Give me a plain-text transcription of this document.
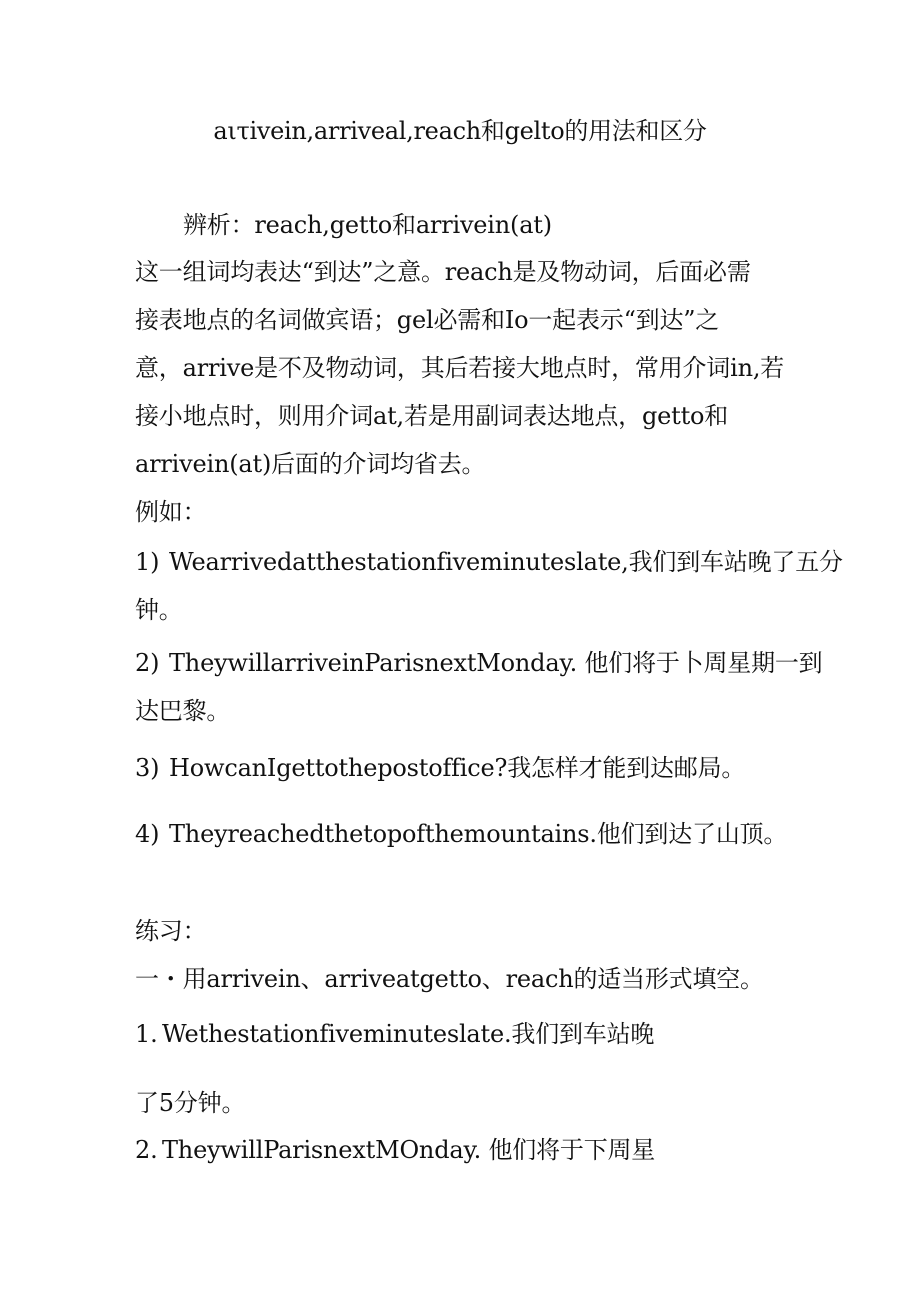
aιτivein,arriveal,reach和gelto的用法和区分
辨析：reach,getto和arrivein(at)
这一组词均表达“到达”之意。reach是及物动词，后面必需
接表地点的名词做宾语；gel必需和Io一起表示“到达”之
意，arrive是不及物动词，其后若接大地点时，常用介词in,若
接小地点时，则用介词at,若是用副词表达地点，getto和
arrivein(at)后面的介词均省去。
例如：
1) Wearrivedatthestationfiveminuteslate,我们到车站晚了五分
钟。
2) TheywillarriveinParisnextMonday. 他们将于卜周星期一到
达巴黎。
3) HowcanIgettothepostoffice?我怎样才能到达邮局。
4) Theyreachedthetopofthemountains.他们到达了山顶。
练习：
一・用arrivein、arriveatgetto、reach的适当形式填空。
1. Wethestationfiveminuteslate.我们到车站晚
了5分钟。
2. TheywillParisnextMOnday. 他们将于下周星
